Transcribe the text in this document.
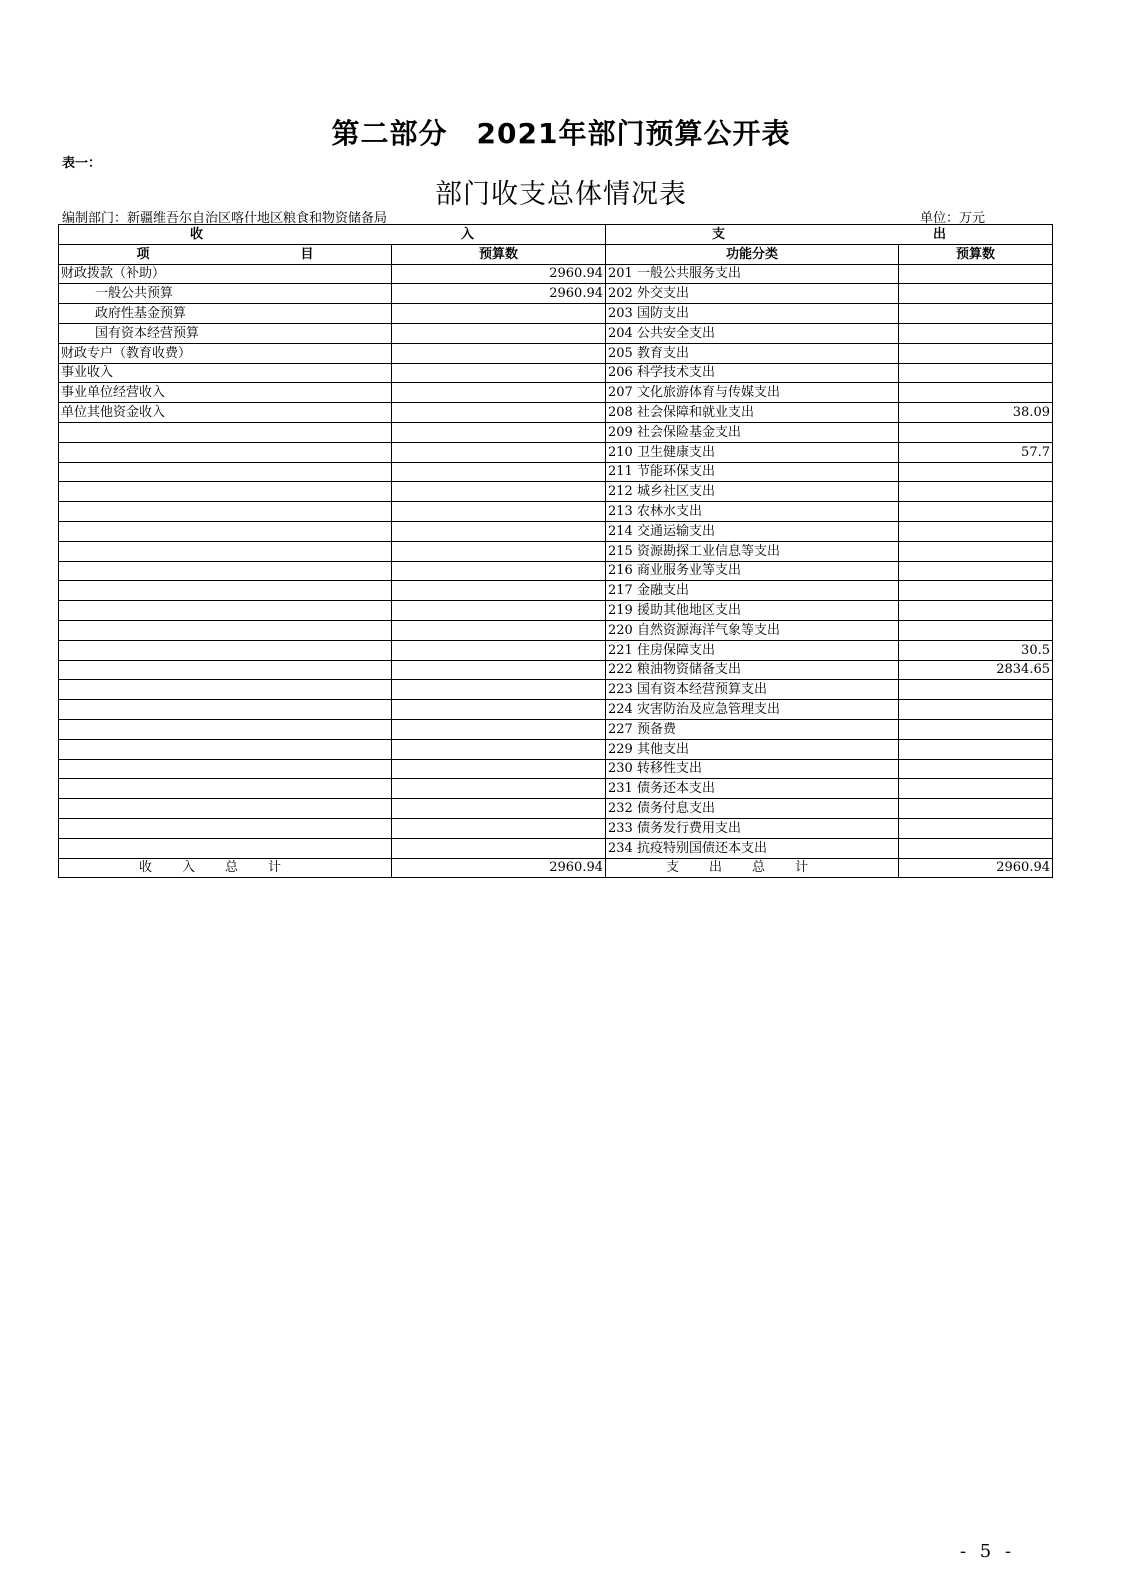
第二部分　2021年部门预算公开表
表一：
部门收支总体情况表
编制部门：新疆维吾尔自治区喀什地区粮食和物资储备局	单位：万元
收 入		支 出	

项 目	预算数	功能分类	预算数
财政拨款（补助）	2960.94	201 一般公共服务支出	
一般公共预算	2960.94	202 外交支出	
政府性基金预算		203 国防支出	
国有资本经营预算		204 公共安全支出	
财政专户（教育收费）		205 教育支出	
事业收入		206 科学技术支出	
事业单位经营收入		207 文化旅游体育与传媒支出	
单位其他资金收入		208 社会保障和就业支出	38.09
		209 社会保险基金支出	
		210 卫生健康支出	57.7
		211 节能环保支出	
		212 城乡社区支出	
		213 农林水支出	
		214 交通运输支出	
		215 资源勘探工业信息等支出	
		216 商业服务业等支出	
		217 金融支出	
		219 援助其他地区支出	
		220 自然资源海洋气象等支出	
		221 住房保障支出	30.5
		222 粮油物资储备支出	2834.65
		223 国有资本经营预算支出	
		224 灾害防治及应急管理支出	
		227 预备费	
		229 其他支出	
		230 转移性支出	
		231 债务还本支出	
		232 债务付息支出	
		233 债务发行费用支出	
		234 抗疫特别国债还本支出	
收入总计	2960.94	支出总计	2960.94
- 5 -
